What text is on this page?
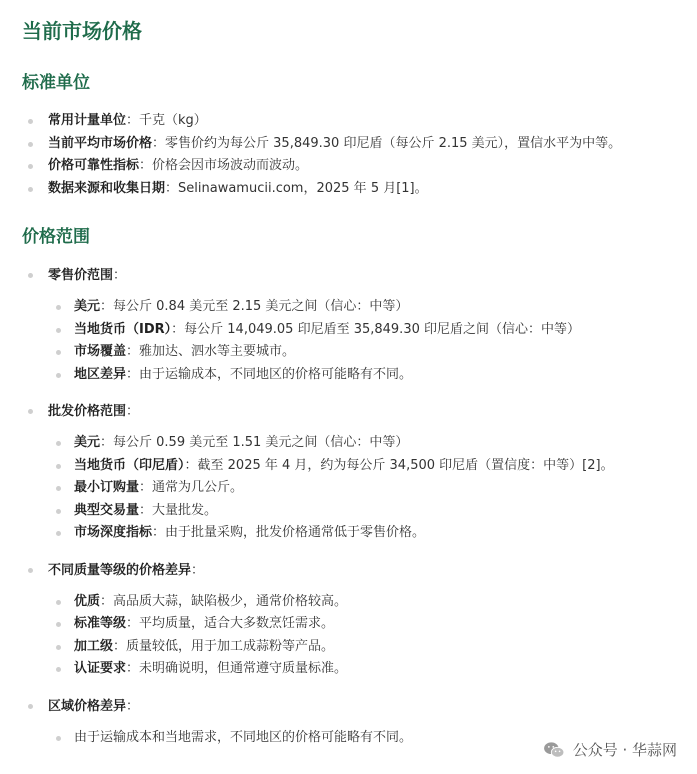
当前市场价格
标准单位
常用计量单位：千克（kg）
当前平均市场价格：零售价约为每公斤 35,849.30 印尼盾（每公斤 2.15 美元），置信水平为中等。
价格可靠性指标：价格会因市场波动而波动。
数据来源和收集日期：Selinawamucii.com，2025 年 5 月[1]。
价格范围
零售价范围：
美元：每公斤 0.84 美元至 2.15 美元之间（信心：中等）
当地货币（IDR）：每公斤 14,049.05 印尼盾至 35,849.30 印尼盾之间（信心：中等）
市场覆盖：雅加达、泗水等主要城市。
地区差异：由于运输成本，不同地区的价格可能略有不同。
批发价格范围：
美元：每公斤 0.59 美元至 1.51 美元之间（信心：中等）
当地货币（印尼盾）：截至 2025 年 4 月，约为每公斤 34,500 印尼盾（置信度：中等）[2]。
最小订购量：通常为几公斤。
典型交易量：大量批发。
市场深度指标：由于批量采购，批发价格通常低于零售价格。
不同质量等级的价格差异：
优质：高品质大蒜，缺陷极少，通常价格较高。
标准等级：平均质量，适合大多数烹饪需求。
加工级：质量较低，用于加工成蒜粉等产品。
认证要求：未明确说明，但通常遵守质量标准。
区域价格差异：
由于运输成本和当地需求，不同地区的价格可能略有不同。
公众号 · 华蒜网
